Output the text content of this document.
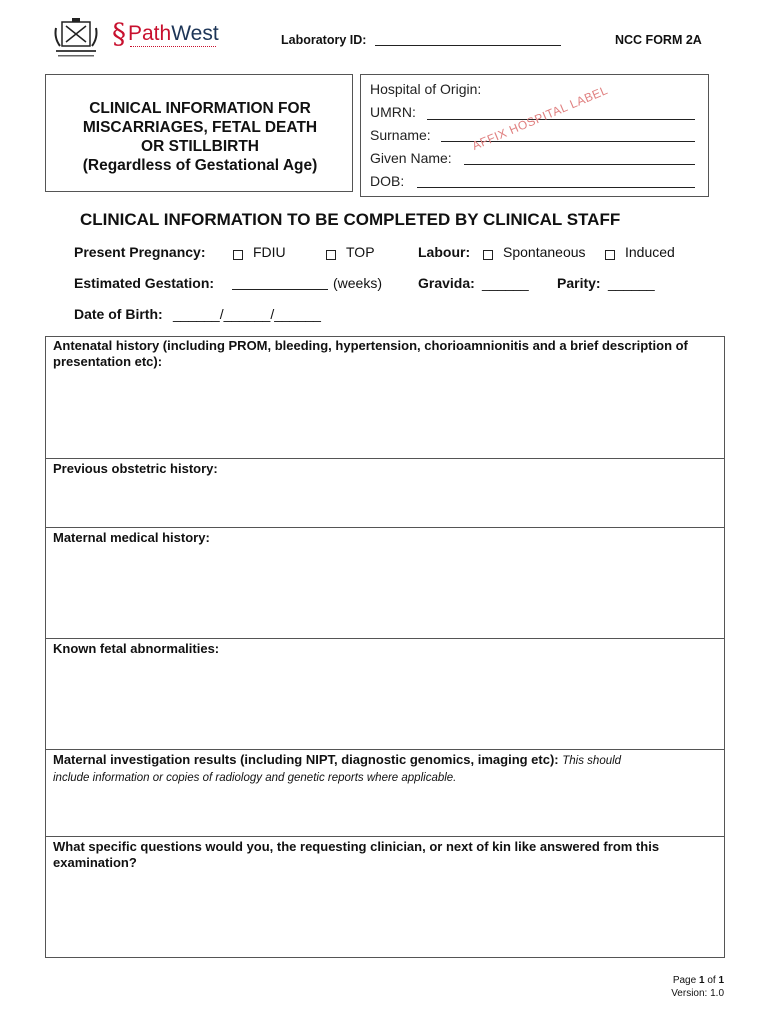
§ PathWest	Laboratory ID:	NCC FORM 2A
CLINICAL INFORMATION FOR
MISCARRIAGES, FETAL DEATH
OR STILLBIRTH
(Regardless of Gestational Age)
Hospital of Origin:
UMRN:
Surname:
Given Name:
DOB:
AFFIX HOSPITAL LABEL
CLINICAL INFORMATION TO BE COMPLETED BY CLINICAL STAFF
Present Pregnancy:	FDIU	TOP	Labour: Spontaneous	Induced
Estimated Gestation:	(weeks)	Gravida: ______ Parity: ______
Date of Birth: ______/______/______
Antenatal history (including PROM, bleeding, hypertension, chorioamnionitis and a brief description of presentation etc):
Previous obstetric history:
Maternal medical history:
Known fetal abnormalities:
Maternal investigation results (including NIPT, diagnostic genomics, imaging etc): This should
include information or copies of radiology and genetic reports where applicable.
What specific questions would you, the requesting clinician, or next of kin like answered from this examination?
Page 1 of 1
Version: 1.0
